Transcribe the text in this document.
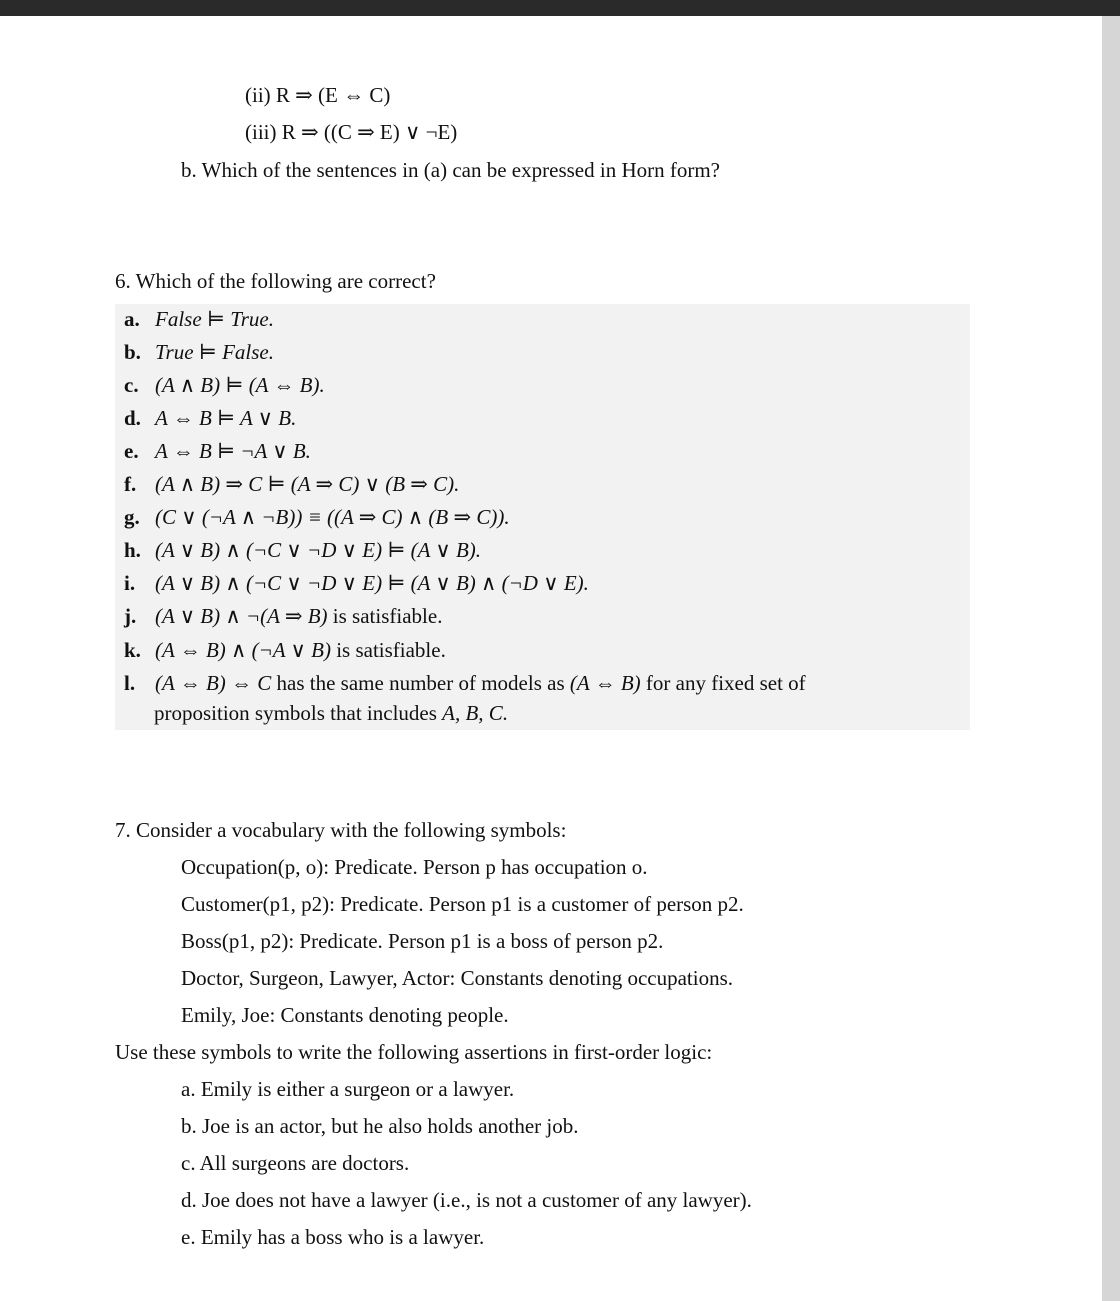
(ii) R ⇒ (E ⇔ C)
(iii) R ⇒ ((C ⇒ E) ∨ ¬E)
b. Which of the sentences in (a) can be expressed in Horn form?
6. Which of the following are correct?
a. False ⊨ True.
b. True ⊨ False.
c. (A ∧ B) ⊨ (A ⇔ B).
d. A ⇔ B ⊨ A ∨ B.
e. A ⇔ B ⊨ ¬A ∨ B.
f. (A ∧ B) ⇒ C ⊨ (A ⇒ C) ∨ (B ⇒ C).
g. (C ∨ (¬A ∧ ¬B)) ≡ ((A ⇒ C) ∧ (B ⇒ C)).
h. (A ∨ B) ∧ (¬C ∨ ¬D ∨ E) ⊨ (A ∨ B).
i. (A ∨ B) ∧ (¬C ∨ ¬D ∨ E) ⊨ (A ∨ B) ∧ (¬D ∨ E).
j. (A ∨ B) ∧ ¬(A ⇒ B) is satisfiable.
k. (A ⇔ B) ∧ (¬A ∨ B) is satisfiable.
l. (A ⇔ B) ⇔ C has the same number of models as (A ⇔ B) for any fixed set of
proposition symbols that includes A, B, C.
7. Consider a vocabulary with the following symbols:
Occupation(p, o): Predicate. Person p has occupation o.
Customer(p1, p2): Predicate. Person p1 is a customer of person p2.
Boss(p1, p2): Predicate. Person p1 is a boss of person p2.
Doctor, Surgeon, Lawyer, Actor: Constants denoting occupations.
Emily, Joe: Constants denoting people.
Use these symbols to write the following assertions in first-order logic:
a. Emily is either a surgeon or a lawyer.
b. Joe is an actor, but he also holds another job.
c. All surgeons are doctors.
d. Joe does not have a lawyer (i.e., is not a customer of any lawyer).
e. Emily has a boss who is a lawyer.
